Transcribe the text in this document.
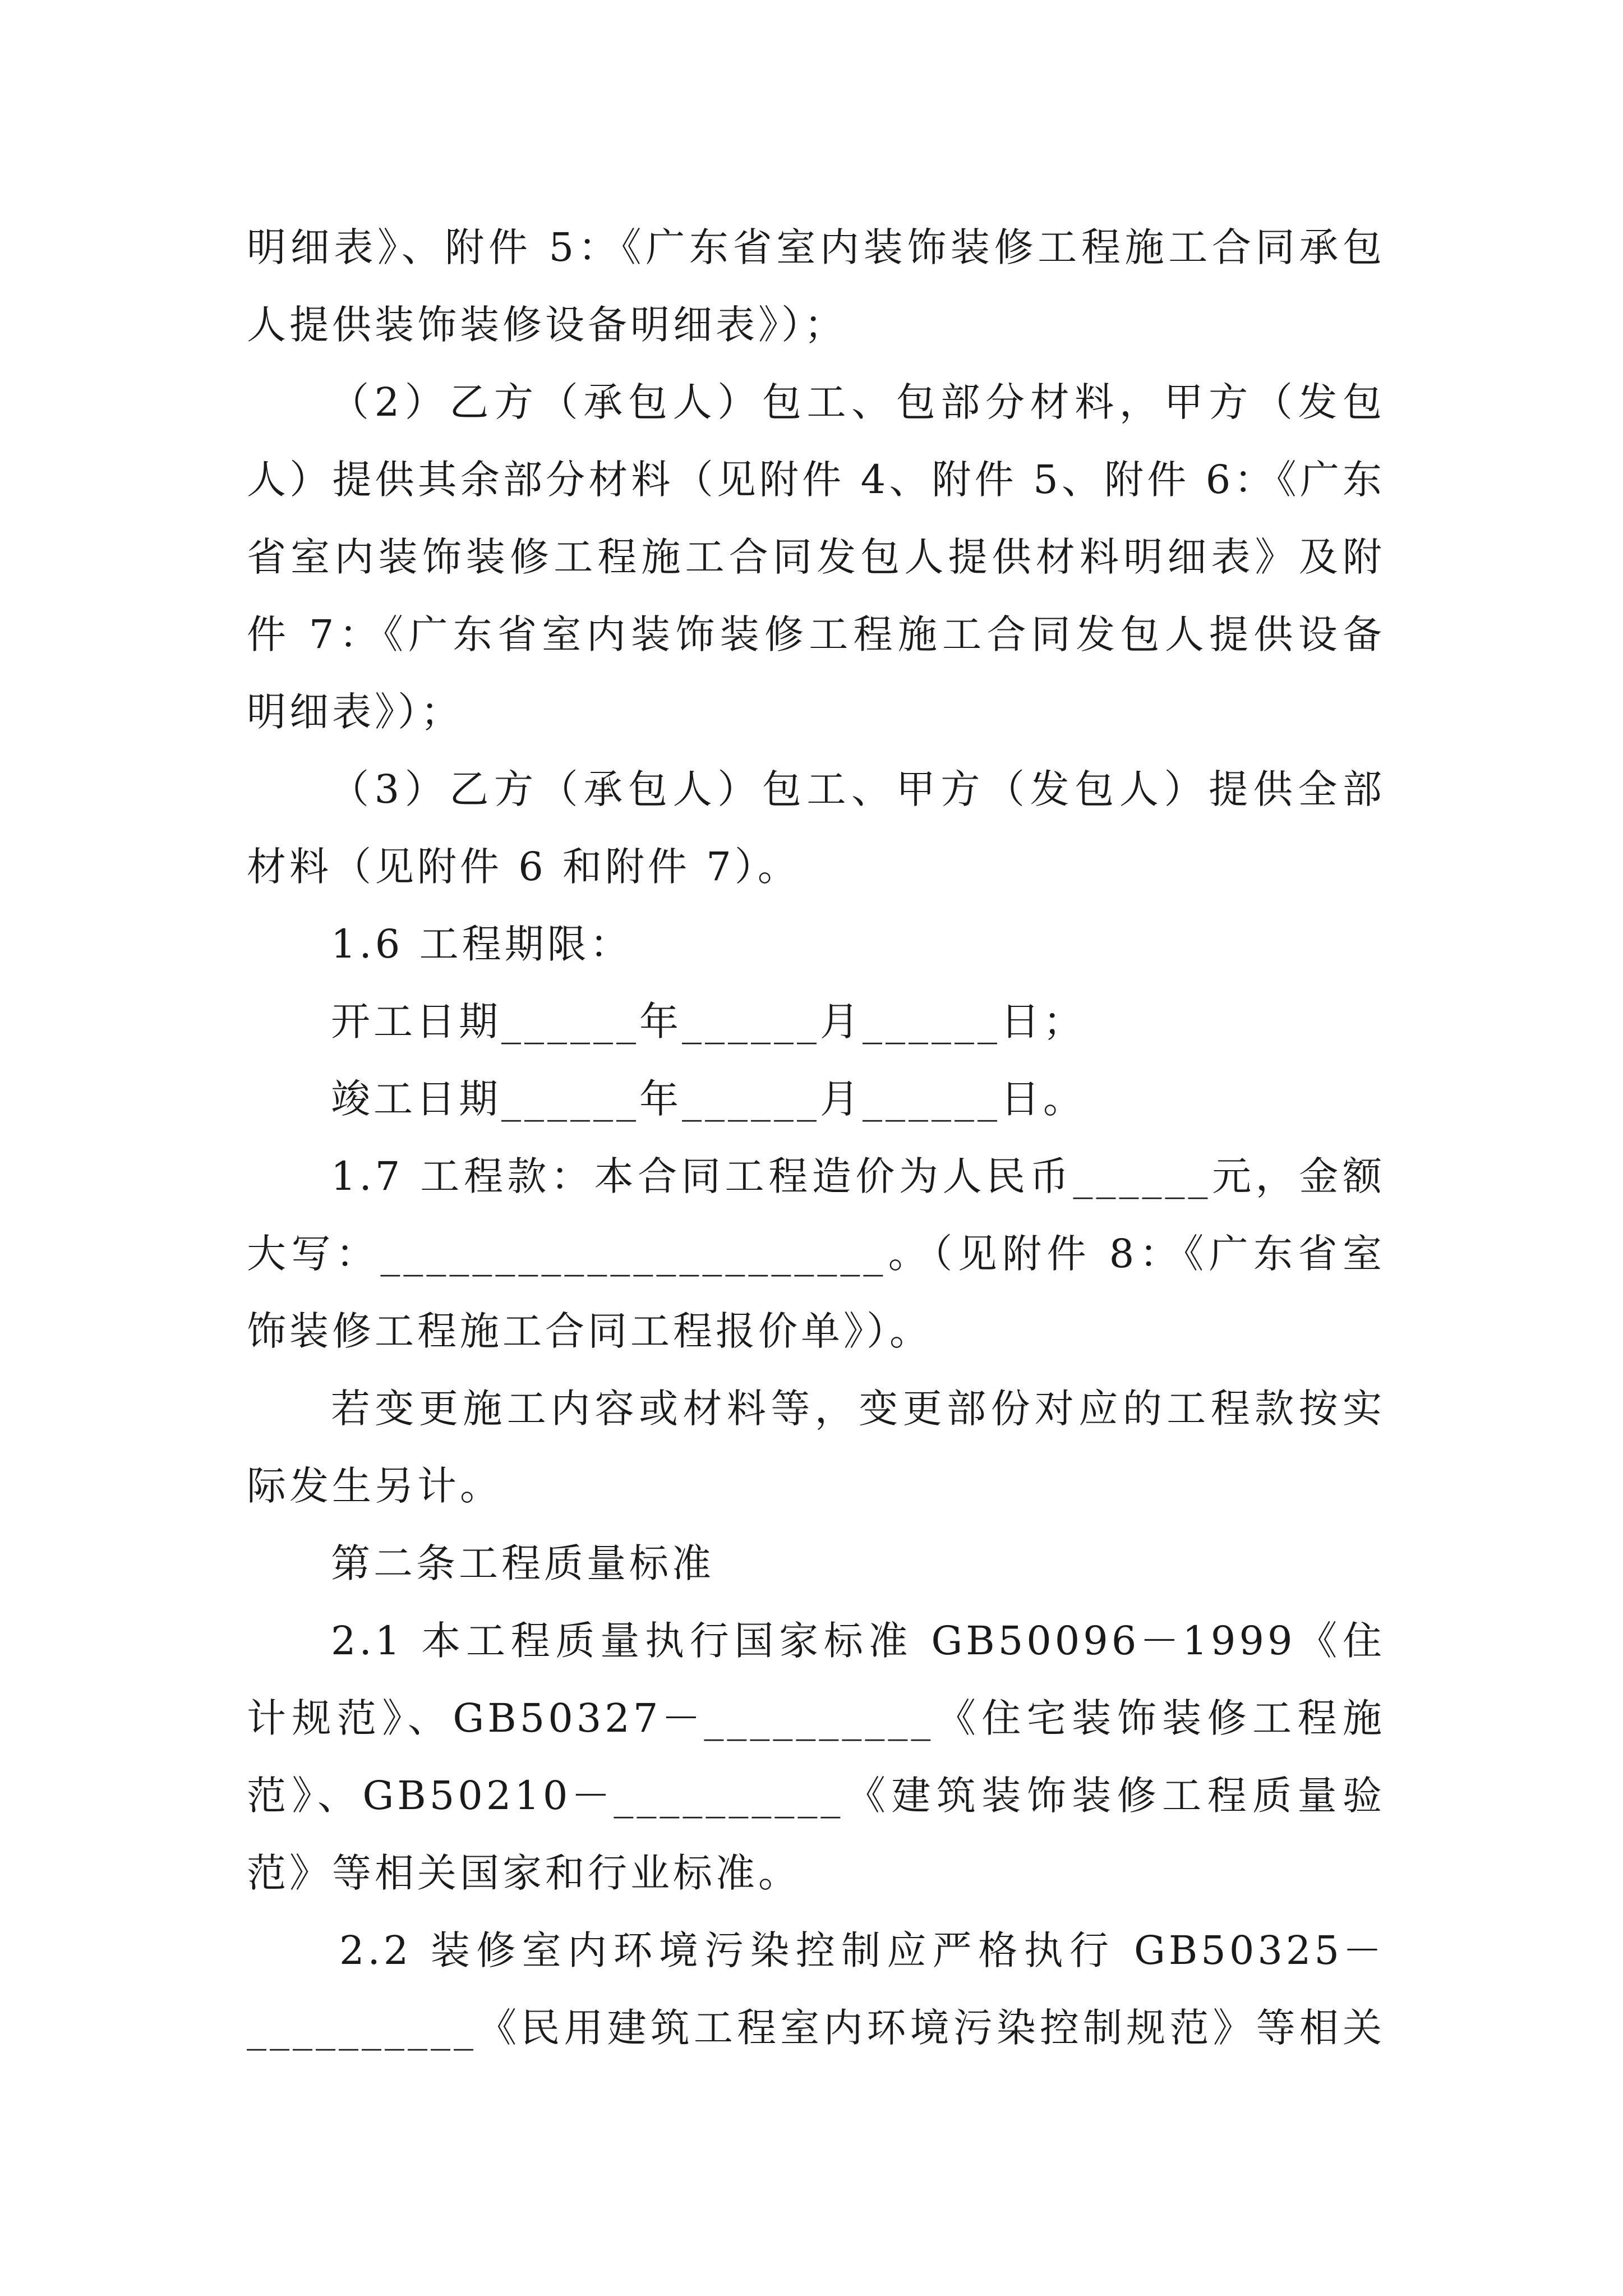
明细表》、附件 5：《广东省室内装饰装修工程施工合同承包
人提供装饰装修设备明细表》）；
（2）乙方（承包人）包工、包部分材料，甲方（发包
人）提供其余部分材料（见附件 4、附件 5、附件 6：《广东
省室内装饰装修工程施工合同发包人提供材料明细表》及附
件 7：《广东省室内装饰装修工程施工合同发包人提供设备
明细表》）；
（3）乙方（承包人）包工、甲方（发包人）提供全部
材料（见附件 6 和附件 7）。
1.6 工程期限：
开工日期______年______月______日；
竣工日期______年______月______日。
1.7 工程款：本合同工程造价为人民币______元，金额
大写：______________________。（见附件 8：《广东省室
饰装修工程施工合同工程报价单》）。
若变更施工内容或材料等，变更部份对应的工程款按实
际发生另计。
第二条工程质量标准
2.1 本工程质量执行国家标准 GB50096－1999《住
计规范》、GB50327－__________《住宅装饰装修工程施
范》、GB50210－__________《建筑装饰装修工程质量验
范》等相关国家和行业标准。
2.2 装修室内环境污染控制应严格执行 GB50325－
__________《民用建筑工程室内环境污染控制规范》等相关
